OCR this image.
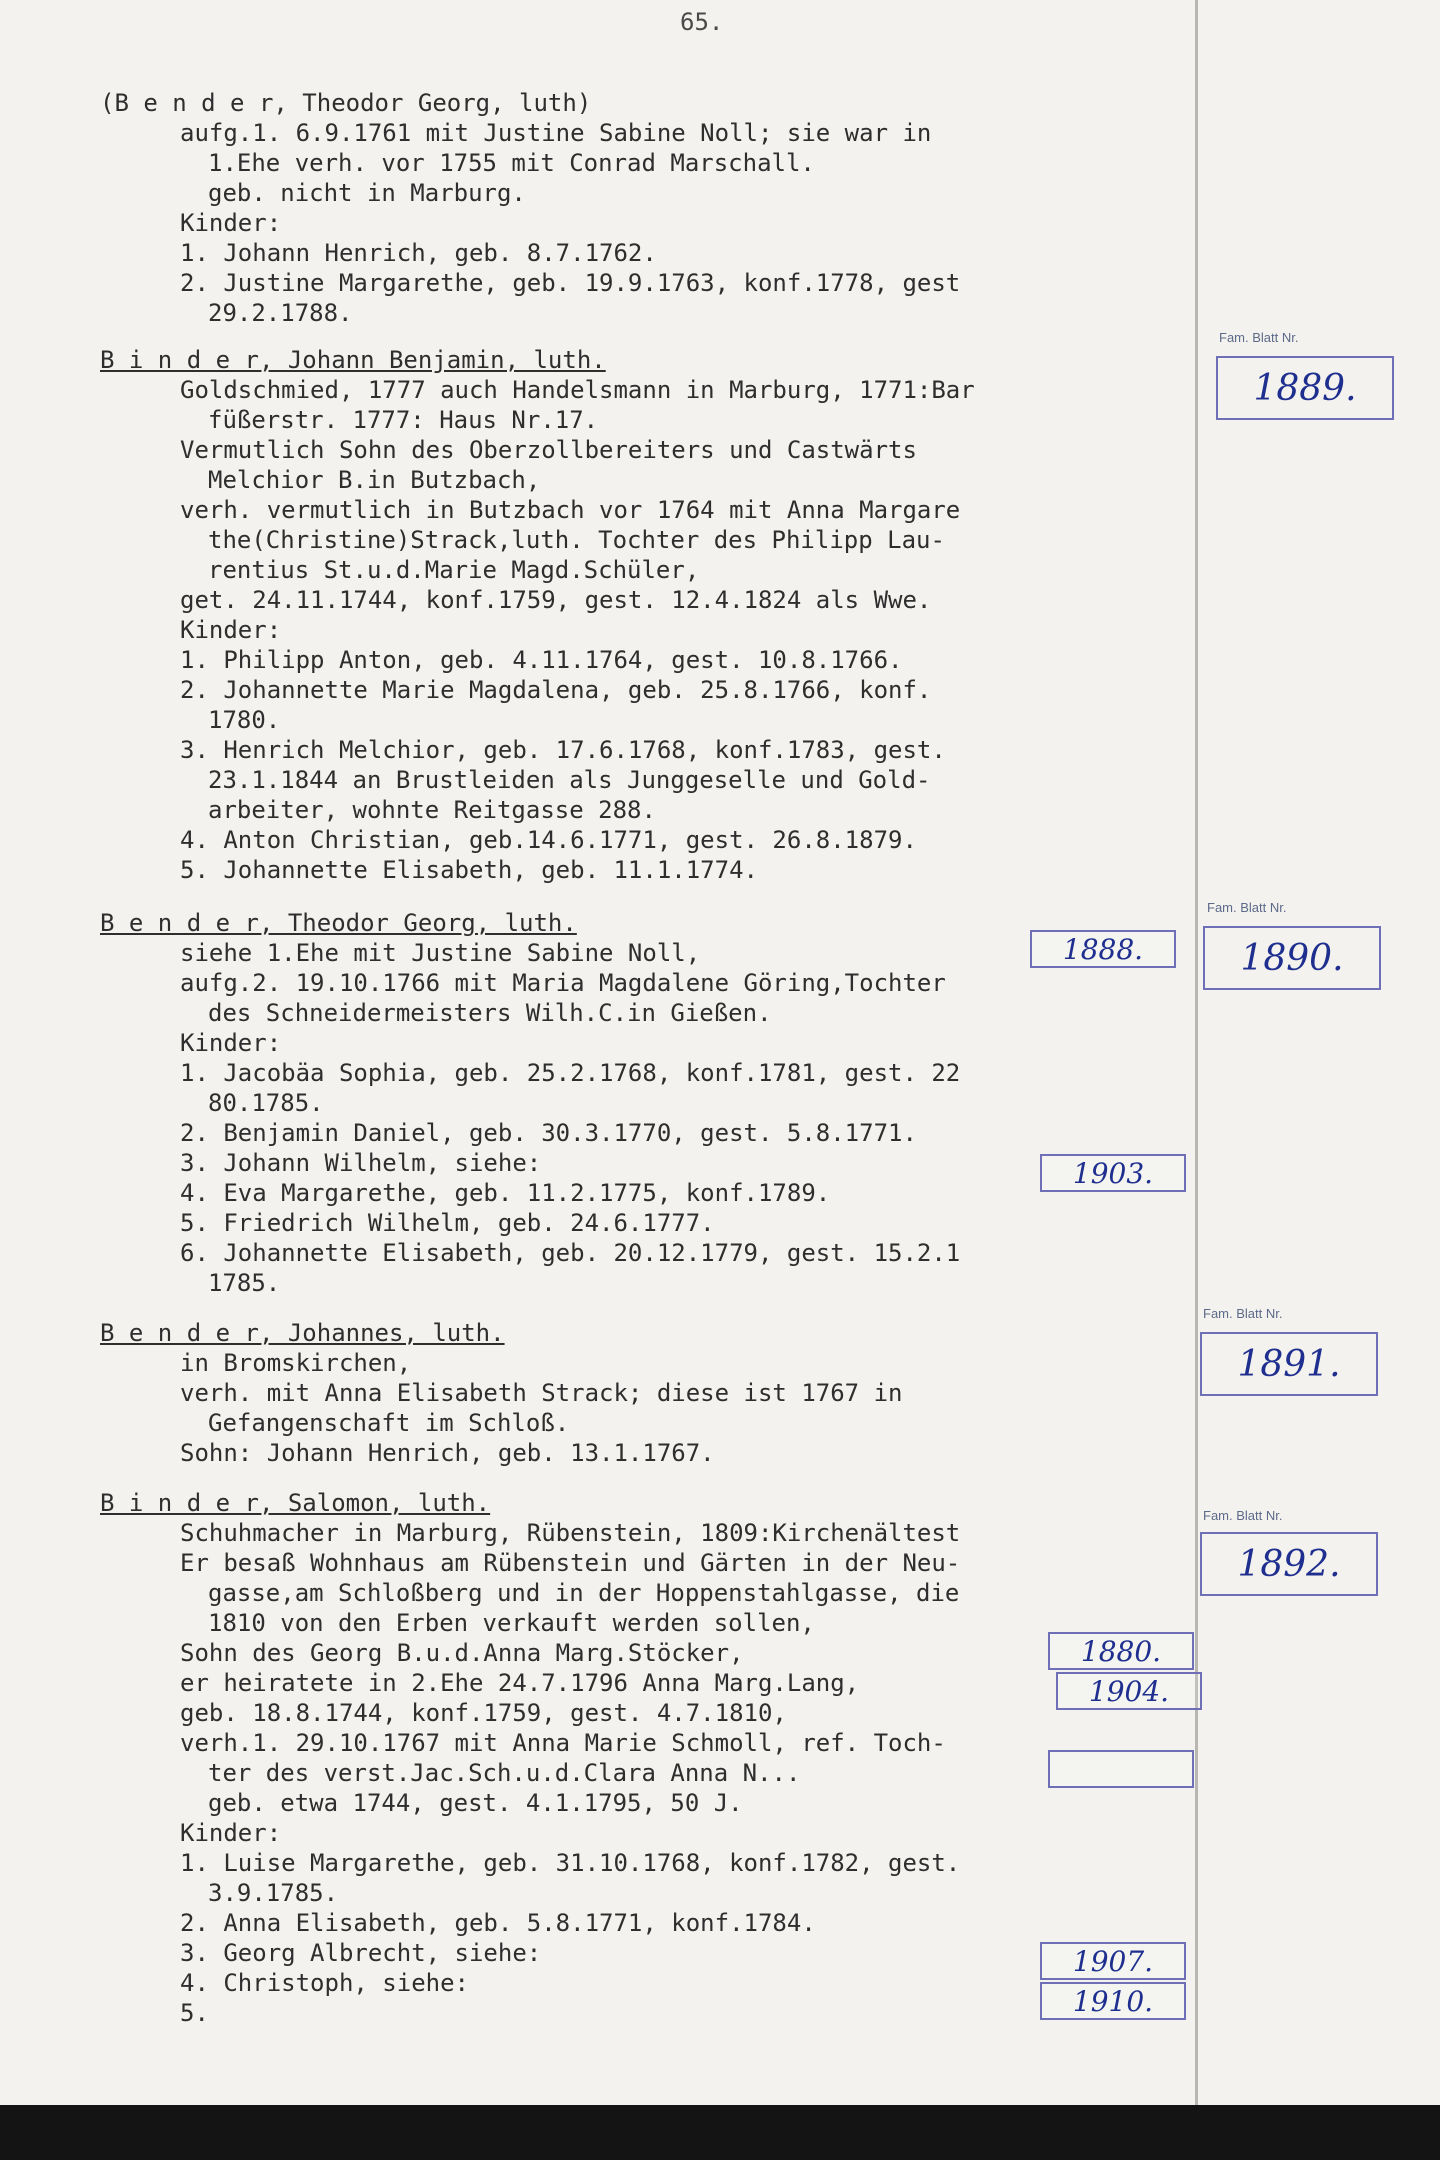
65.
(B e n d e r, Theodor Georg, luth)
aufg.1. 6.9.1761 mit Justine Sabine Noll; sie war in
1.Ehe verh. vor 1755 mit Conrad Marschall.
geb. nicht in Marburg.
Kinder:
1. Johann Henrich, geb. 8.7.1762.
2. Justine Margarethe, geb. 19.9.1763, konf.1778, gest
29.2.1788.
B i n d e r, Johann Benjamin, luth.
Goldschmied, 1777 auch Handelsmann in Marburg, 1771:Bar
füßerstr. 1777: Haus Nr.17.
Vermutlich Sohn des Oberzollbereiters und Castwärts
Melchior B.in Butzbach,
verh. vermutlich in Butzbach vor 1764 mit Anna Margare
the(Christine)Strack,luth. Tochter des Philipp Lau-
rentius St.u.d.Marie Magd.Schüler,
get. 24.11.1744, konf.1759, gest. 12.4.1824 als Wwe.
Kinder:
1. Philipp Anton, geb. 4.11.1764, gest. 10.8.1766.
2. Johannette Marie Magdalena, geb. 25.8.1766, konf.
1780.
3. Henrich Melchior, geb. 17.6.1768, konf.1783, gest.
23.1.1844 an Brustleiden als Junggeselle und Gold-
arbeiter, wohnte Reitgasse 288.
4. Anton Christian, geb.14.6.1771, gest. 26.8.1879.
5. Johannette Elisabeth, geb. 11.1.1774.
B e n d e r, Theodor Georg, luth.
siehe 1.Ehe mit Justine Sabine Noll,
aufg.2. 19.10.1766 mit Maria Magdalene Göring,Tochter
des Schneidermeisters Wilh.C.in Gießen.
Kinder:
1. Jacobäa Sophia, geb. 25.2.1768, konf.1781, gest. 22
80.1785.
2. Benjamin Daniel, geb. 30.3.1770, gest. 5.8.1771.
3. Johann Wilhelm, siehe:
4. Eva Margarethe, geb. 11.2.1775, konf.1789.
5. Friedrich Wilhelm, geb. 24.6.1777.
6. Johannette Elisabeth, geb. 20.12.1779, gest. 15.2.1
1785.
B e n d e r, Johannes, luth.
in Bromskirchen,
verh. mit Anna Elisabeth Strack; diese ist 1767 in
Gefangenschaft im Schloß.
Sohn: Johann Henrich, geb. 13.1.1767.
B i n d e r, Salomon, luth.
Schuhmacher in Marburg, Rübenstein, 1809:Kirchenältest
Er besaß Wohnhaus am Rübenstein und Gärten in der Neu-
gasse,am Schloßberg und in der Hoppenstahlgasse, die
1810 von den Erben verkauft werden sollen,
Sohn des Georg B.u.d.Anna Marg.Stöcker,
er heiratete in 2.Ehe 24.7.1796 Anna Marg.Lang,
geb. 18.8.1744, konf.1759, gest. 4.7.1810,
verh.1. 29.10.1767 mit Anna Marie Schmoll, ref. Toch-
ter des verst.Jac.Sch.u.d.Clara Anna N...
geb. etwa 1744, gest. 4.1.1795, 50 J.
Kinder:
1. Luise Margarethe, geb. 31.10.1768, konf.1782, gest.
3.9.1785.
2. Anna Elisabeth, geb. 5.8.1771, konf.1784.
3. Georg Albrecht, siehe:
4. Christoph, siehe:
5.
Fam. Blatt Nr.
1889.
Fam. Blatt Nr.
1890.
Fam. Blatt Nr.
1891.
Fam. Blatt Nr.
1892.
1888.
1903.
1880.
1904.
1907.
1910.
